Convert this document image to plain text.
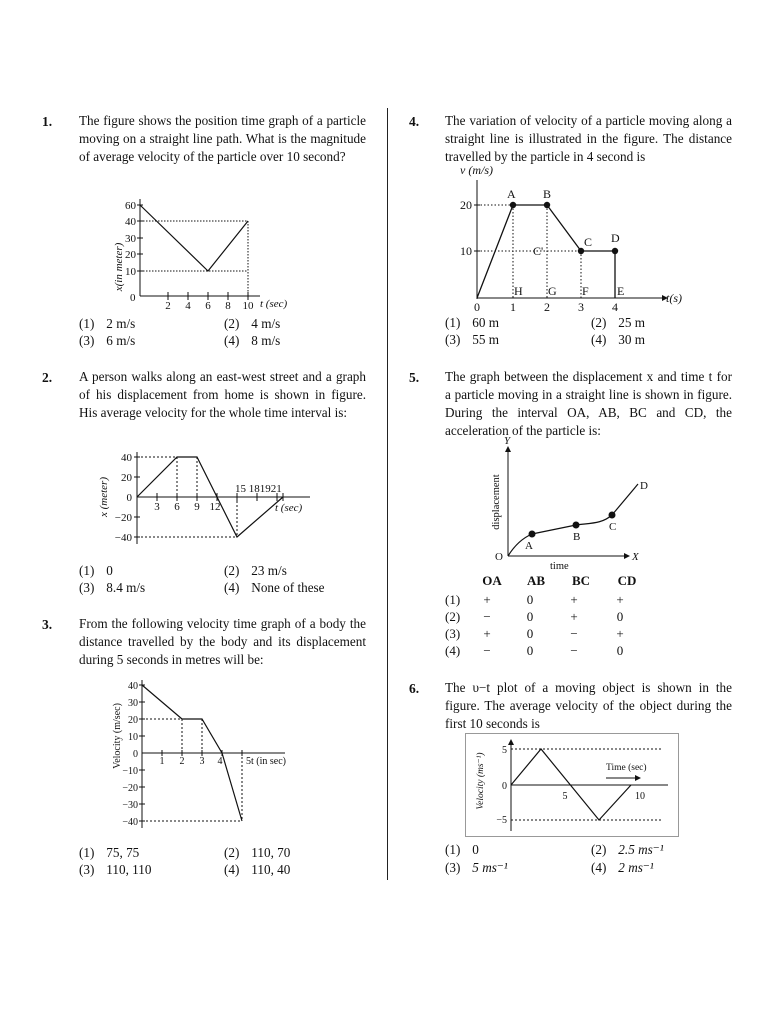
1. The figure shows the position time graph of a particle moving on a straight line path. What is the magnitude of average velocity of the particle over 10 second?
x(in meter)
60
40
30
20
10
0
2 4 6 8 10 t (sec)
(1) 2 m/s	(2) 4 m/s
(3) 6 m/s	(4) 8 m/s
2. A person walks along an east-west street and a graph of his displacement from home is shown in figure. His average velocity for the whole time interval is:
x (meter)
40
20
0
−20
−40
3 6 9 12
15 181921
t (sec)
(1) 0	(2) 23 m/s
(3) 8.4 m/s	(4) None of these
3. From the following velocity time graph of a body the distance travelled by the body and its displacement during 5 seconds in metres will be:
Velocity (m/sec)
40
30
20
10
0
−10
−20
−30
−40
1 2 3 4 5t (in sec)
(1) 75, 75	(2) 110, 70
(3) 110, 110	(4) 110, 40
4. The variation of velocity of a particle moving along a straight line is illustrated in the figure. The distance travelled by the particle in 4 second is
v (m/s)
t(s)
20
10
0	1 2 3 4
A B
C
C'
D
H G F E
(1) 60 m	(2) 25 m
(3) 55 m	(4) 30 m
5. The graph between the displacement x and time t for a particle moving in a straight line is shown in figure. During the interval OA, AB, BC and CD, the acceleration of the particle is:
Y
X
O
displacement
time
A
B
C
D
OA	AB	BC	CD
(1)	+	0	+	+
(2)	−	0	+	0
(3)	+	0	−	+
(4)	−	0	−	0
6. The υ−t plot of a moving object is shown in the figure. The average velocity of the object during the first 10 seconds is
Velocity (ms⁻¹)
5
0
−5
5	10
Time (sec)
(1) 0	(2) 2.5 ms⁻¹
(3) 5 ms⁻¹	(4) 2 ms⁻¹
